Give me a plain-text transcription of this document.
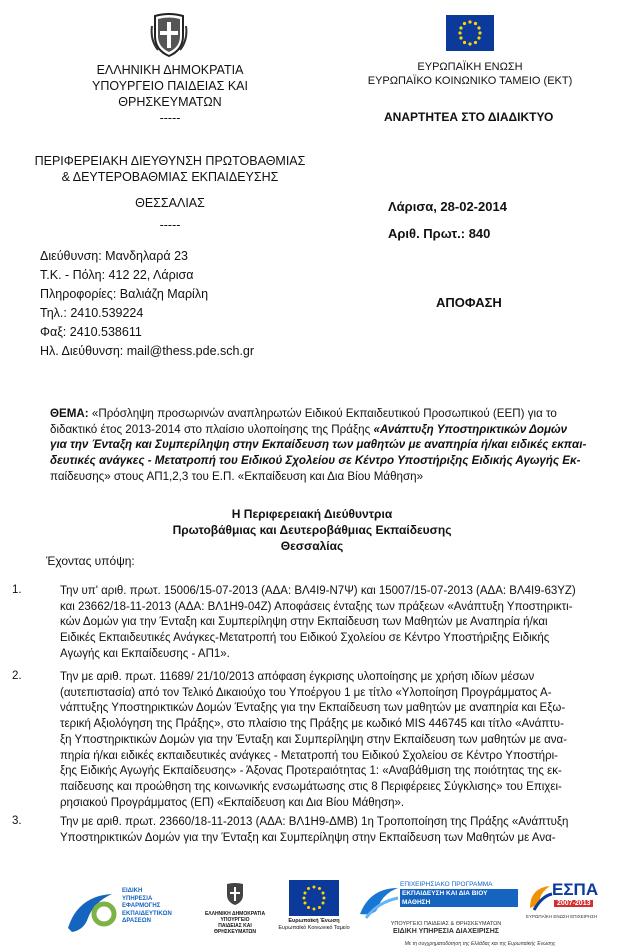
ΕΛΛΗΝΙΚΗ ΔΗΜΟΚΡΑΤΙΑ
ΥΠΟΥΡΓΕΙΟ ΠΑΙΔΕΙΑΣ ΚΑΙ ΘΡΗΣΚΕΥΜΑΤΩΝ
-----
ΠΕΡΙΦΕΡΕΙΑΚΗ ΔΙΕΥΘΥΝΣΗ ΠΡΩΤΟΒΑΘΜΙΑΣ
& ΔΕΥΤΕΡΟΒΑΘΜΙΑΣ ΕΚΠΑΙΔΕΥΣΗΣ
ΘΕΣΣΑΛΙΑΣ
-----
ΕΥΡΩΠΑΪΚΗ ΕΝΩΣΗ
ΕΥΡΩΠΑΪΚΟ ΚΟΙΝΩΝΙΚΟ ΤΑΜΕΙΟ (ΕΚΤ)
ΑΝΑΡΤΗΤΕΑ ΣΤΟ ΔΙΑΔΙΚΤΥΟ
Λάρισα, 28-02-2014
Αριθ. Πρωτ.: 840
ΑΠΟΦΑΣΗ
Διεύθυνση: Μανδηλαρά 23
Τ.Κ. - Πόλη: 412 22, Λάρισα
Πληροφορίες: Βαλιάζη Μαρίλη
Τηλ.: 2410.539224
Φαξ: 2410.538611
Ηλ. Διεύθυνση: mail@thess.pde.sch.gr
ΘΕΜΑ: «Πρόσληψη προσωρινών αναπληρωτών Ειδικού Εκπαιδευτικού Προσωπικού (ΕΕΠ) για το
διδακτικό έτος 2013-2014 στο πλαίσιο υλοποίησης της Πράξης «Ανάπτυξη Υποστηρικτικών Δομών
για την Ένταξη και Συμπερίληψη στην Εκπαίδευση των μαθητών με αναπηρία ή/και ειδικές εκπαι-
δευτικές ανάγκες - Μετατροπή του Ειδικού Σχολείου σε Κέντρο Υποστήριξης Ειδικής Αγωγής Εκ-
παίδευσης» στους ΑΠ1,2,3 του Ε.Π. «Εκπαίδευση και Δια Βίου Μάθηση»
Η Περιφερειακή Διεύθυντρια
Πρωτοβάθμιας και Δευτεροβάθμιας Εκπαίδευσης
Θεσσαλίας
Έχοντας υπόψη:
1.	Την υπ' αριθ. πρωτ. 15006/15-07-2013 (ΑΔΑ: ΒΛ4Ι9-Ν7Ψ) και 15007/15-07-2013 (ΑΔΑ: ΒΛ4Ι9-63ΥΖ)
και 23662/18-11-2013 (ΑΔΑ: ΒΛ1Η9-04Ζ) Αποφάσεις ένταξης των πράξεων «Ανάπτυξη Υποστηρικτι-
κών Δομών για την Ένταξη και Συμπερίληψη στην Εκπαίδευση των Μαθητών με Αναπηρία ή/και
Ειδικές Εκπαιδευτικές Ανάγκες-Μετατροπή του Ειδικού Σχολείου σε Κέντρο Υποστήριξης Ειδικής
Αγωγής και Εκπαίδευσης - ΑΠ1».
2.	Την με αριθ. πρωτ. 11689/ 21/10/2013 απόφαση έγκρισης υλοποίησης με χρήση ιδίων μέσων
(αυτεπιστασία) από τον Τελικό Δικαιούχο του Υποέργου 1 με τίτλο «Υλοποίηση Προγράμματος Α-
νάπτυξης Υποστηρικτικών Δομών Ένταξης για την Εκπαίδευση των μαθητών με αναπηρία και Εξω-
τερική Αξιολόγηση της Πράξης», στο πλαίσιο της Πράξης με κωδικό MIS 446745 και τίτλο «Ανάπτυ-
ξη Υποστηρικτικών Δομών για την Ένταξη και Συμπερίληψη στην Εκπαίδευση των μαθητών με ανα-
πηρία ή/και ειδικές εκπαιδευτικές ανάγκες - Μετατροπή του Ειδικού Σχολείου σε Κέντρο Υποστήρι-
ξης Ειδικής Αγωγής Εκπαίδευσης» - Άξονας Προτεραιότητας 1: «Αναβάθμιση της ποιότητας της εκ-
παίδευσης και προώθηση της κοινωνικής ενσωμάτωσης στις 8 Περιφέρειες Σύγκλισης» του Επιχει-
ρησιακού Προγράμματος (ΕΠ) «Εκπαίδευση και Δια Βίου Μάθηση».
3.	Την με αριθ. πρωτ. 23660/18-11-2013 (ΑΔΑ: ΒΛ1Η9-ΔΜΒ) 1η Τροποποίηση της Πράξης «Ανάπτυξη
Υποστηρικτικών Δομών για την Ένταξη και Συμπερίληψη στην Εκπαίδευση των Μαθητών με Ανα-
ΕΙΔΙΚΗ
ΥΠΗΡΕΣΙΑ
ΕΦΑΡΜΟΓΗΣ
ΕΚΠΑΙΔΕΥΤΙΚΩΝ
ΔΡΑΣΕΩΝ
ΕΛΛΗΝΙΚΗ ΔΗΜΟΚΡΑΤΙΑ
ΥΠΟΥΡΓΕΙΟ
ΠΑΙΔΕΙΑΣ ΚΑΙ
ΘΡΗΣΚΕΥΜΑΤΩΝ
Ευρωπαϊκή Ένωση
Ευρωπαϊκό Κοινωνικό Ταμείο
ΕΠΙΧΕΙΡΗΣΙΑΚΟ ΠΡΟΓΡΑΜΜΑ
ΕΚΠΑΙΔΕΥΣΗ ΚΑΙ ΔΙΑ ΒΙΟΥ ΜΑΘΗΣΗ
ΥΠΟΥΡΓΕΙΟ ΠΑΙΔΕΙΑΣ & ΘΡΗΣΚΕΥΜΑΤΩΝ
ΕΙΔΙΚΗ ΥΠΗΡΕΣΙΑ ΔΙΑΧΕΙΡΙΣΗΣ
ΕΣΠΑ
2007-2013
ΕΥΡΩΠΑΪΚΗ ΕΝΩΣΗ ΕΠΙΧΕΙΡΗΣΗ
Με τη συγχρηματοδότηση της Ελλάδας και της Ευρωπαϊκής Ένωσης
